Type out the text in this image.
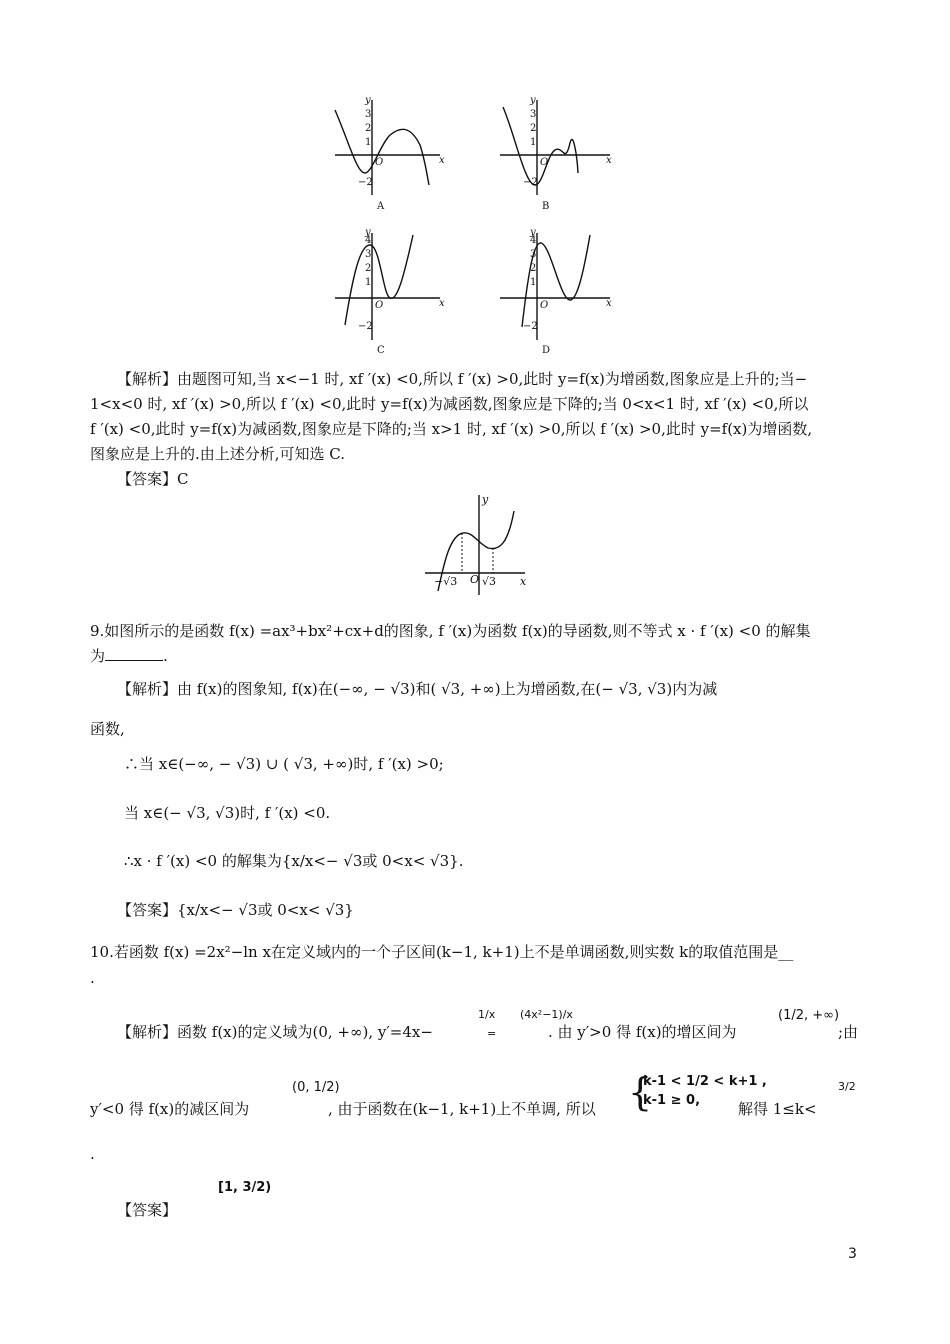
A	B
C	D
x	x
x	x
y	y
y	y
3
2
1
−2
O
3
2
1
−2
O
4
3
2
1
−2
O
4
3
2
1
−2
O
【解析】由题图可知,当 x<−1 时, xf ′(x) <0,所以 f ′(x) >0,此时 y=f(x)为增函数,图象应是上升的;当−
1<x<0 时, xf ′(x) >0,所以 f ′(x) <0,此时 y=f(x)为减函数,图象应是下降的;当 0<x<1 时, xf ′(x) <0,所以
f ′(x) <0,此时 y=f(x)为减函数,图象应是下降的;当 x>1 时, xf ′(x) >0,所以 f ′(x) >0,此时 y=f(x)为增函数,
图象应是上升的.由上述分析,可知选 C.
【答案】C
y
x
O
−√3 √3
9.如图所示的是函数 f(x) =ax³+bx²+cx+d的图象, f ′(x)为函数 f(x)的导函数,则不等式 x · f ′(x) <0 的解集
为	.
【解析】由 f(x)的图象知, f(x)在(−∞, − √3)和( √3, +∞)上为增函数,在(− √3, √3)内为减
函数,
∴当 x∈(−∞, − √3) ∪ ( √3, +∞)时, f ′(x) >0;
当 x∈(− √3, √3)时, f ′(x) <0.
∴x · f ′(x) <0 的解集为{x/x<− √3或 0<x< √3}.
【答案】{x/x<− √3或 0<x< √3}
10.若函数 f(x) =2x²−ln x在定义域内的一个子区间(k−1, k+1)上不是单调函数,则实数 k的取值范围是__
.
【解析】函数 f(x)的定义域为(0, +∞), y′=4x−
1/x
=
(4x²−1)/x
. 由 y′>0 得 f(x)的增区间为
(1/2, +∞)
;由
y′<0 得 f(x)的减区间为
(0, 1/2)
, 由于函数在(k−1, k+1)上不单调, 所以 {
k-1 < 1/2 < k+1 ,
k-1 ≥ 0,	解得 1≤k<
3/2
.
[1, 3/2)
【答案】
3
